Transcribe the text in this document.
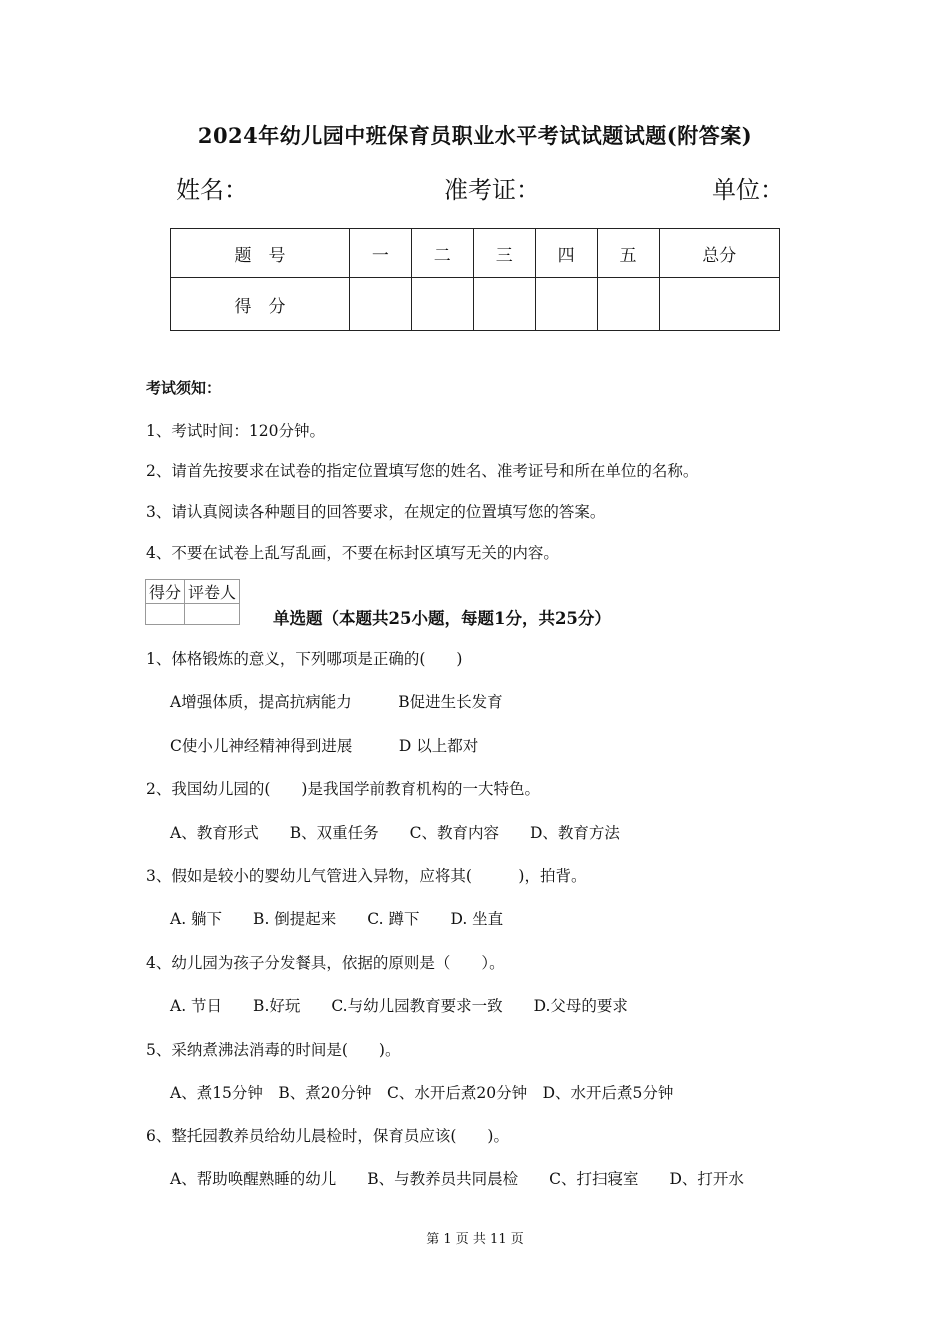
2024年幼儿园中班保育员职业水平考试试题试题(附答案)
姓名：	准考证：	单位：
题　号	一	二	三	四	五	总分
得　分						
考试须知：
1、考试时间：120分钟。
2、请首先按要求在试卷的指定位置填写您的姓名、准考证号和所在单位的名称。
3、请认真阅读各种题目的回答要求，在规定的位置填写您的答案。
4、不要在试卷上乱写乱画，不要在标封区填写无关的内容。
得分	评卷人

单选题（本题共25小题，每题1分，共25分）
1、体格锻炼的意义，下列哪项是正确的(　　)
A增强体质，提高抗病能力　　　B促进生长发育
C使小儿神经精神得到进展　　　D 以上都对
2、我国幼儿园的(　　)是我国学前教育机构的一大特色。
A、教育形式　　B、双重任务　　C、教育内容　　D、教育方法
3、假如是较小的婴幼儿气管进入异物，应将其(　　　)，拍背。
A. 躺下　　B. 倒提起来　　C. 蹲下　　D. 坐直
4、幼儿园为孩子分发餐具，依据的原则是（　　）。
A. 节日　　B.好玩　　C.与幼儿园教育要求一致　　D.父母的要求
5、采纳煮沸法消毒的时间是(　　)。
A、煮15分钟　B、煮20分钟　C、水开后煮20分钟　D、水开后煮5分钟
6、整托园教养员给幼儿晨检时，保育员应该(　　)。
A、帮助唤醒熟睡的幼儿　　B、与教养员共同晨检　　C、打扫寝室　　D、打开水
第 1 页 共 11 页
